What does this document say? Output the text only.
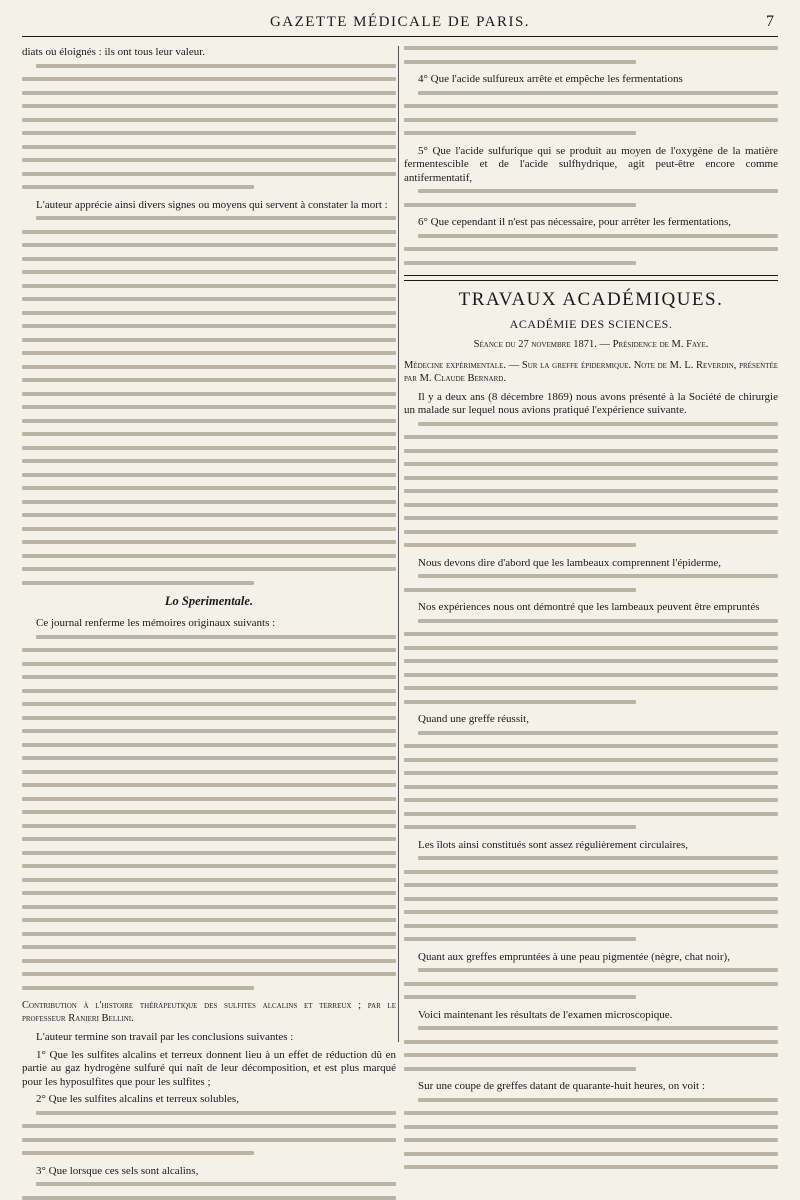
GAZETTE MÉDICALE DE PARIS.	7

diats ou éloignés : ils ont tous leur valeur.

L'auteur apprécie ainsi divers signes ou moyens qui servent à constater la mort :

Lo Sperimentale.

Ce journal renferme les mémoires originaux suivants :

Contribution à l'histoire thérapeutique des sulfites alcalins et terreux ; par le professeur Ranieri Bellini.

L'auteur termine son travail par les conclusions suivantes :

1° Que les sulfites alcalins et terreux donnent lieu à un effet de réduction dû en partie au gaz hydrogène sulfuré qui naît de leur décomposition, et est plus marqué pour les hyposulfites que pour les sulfites ;

2° Que les sulfites alcalins et terreux solubles,

3° Que lorsque ces sels sont alcalins,

4° Que l'acide sulfureux arrête et empêche les fermentations

5° Que l'acide sulfurique qui se produit au moyen de l'oxygène de la matière fermentescible et de l'acide sulfhydrique, agit peut-être encore comme antifermentatif,

6° Que cependant il n'est pas nécessaire, pour arrêter les fermentations,

TRAVAUX ACADÉMIQUES.
ACADÉMIE DES SCIENCES.
Séance du 27 novembre 1871. — Présidence de M. Faye.
Médecine expérimentale. — Sur la greffe épidermique. Note de M. L. Reverdin, présentée par M. Claude Bernard.

Il y a deux ans (8 décembre 1869) nous avons présenté à la Société de chirurgie un malade sur lequel nous avions pratiqué l'expérience suivante.

Nous devons dire d'abord que les lambeaux comprennent l'épiderme,

Nos expériences nous ont démontré que les lambeaux peuvent être empruntés

Quand une greffe réussit,

Les îlots ainsi constitués sont assez régulièrement circulaires,

Quant aux greffes empruntées à une peau pigmentée (nègre, chat noir),

Voici maintenant les résultats de l'examen microscopique.

Sur une coupe de greffes datant de quarante-huit heures, on voit :
